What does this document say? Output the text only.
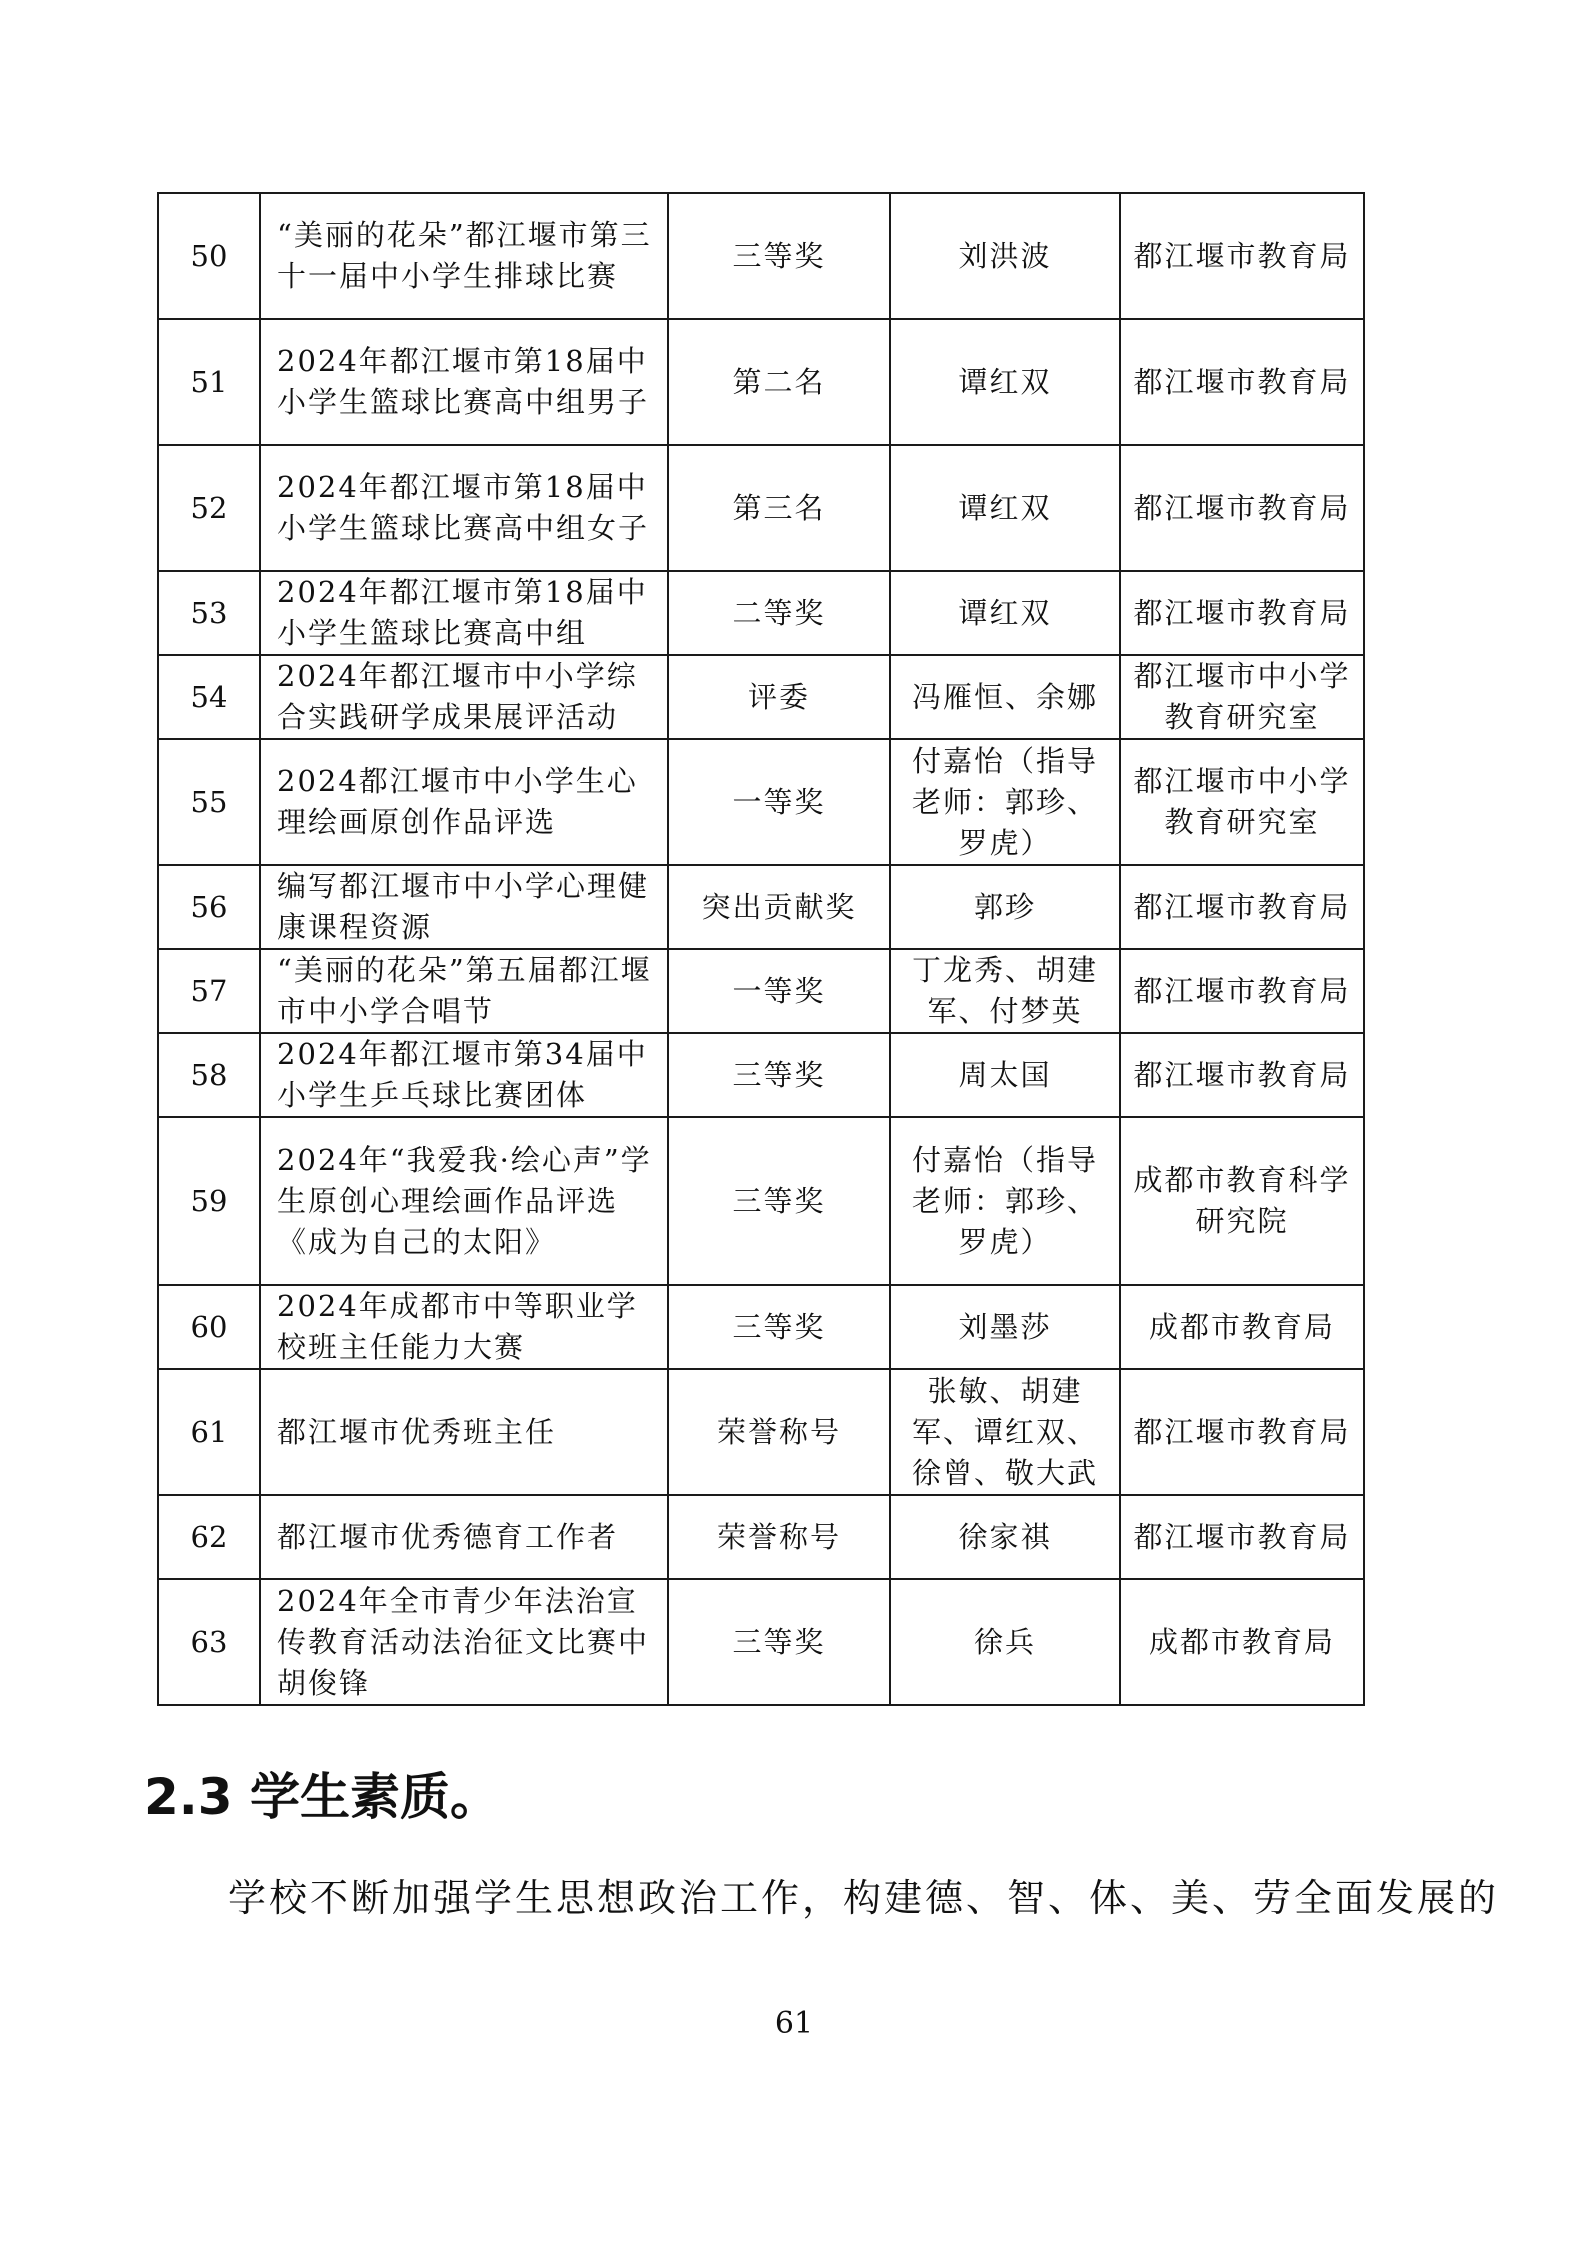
50	“美丽的花朵”都江堰市第三十一届中小学生排球比赛	三等奖	刘洪波	都江堰市教育局
51	2024年都江堰市第18届中小学生篮球比赛高中组男子	第二名	谭红双	都江堰市教育局
52	2024年都江堰市第18届中小学生篮球比赛高中组女子	第三名	谭红双	都江堰市教育局
53	2024年都江堰市第18届中小学生篮球比赛高中组	二等奖	谭红双	都江堰市教育局
54	2024年都江堰市中小学综合实践研学成果展评活动	评委	冯雁恒、余娜	都江堰市中小学教育研究室
55	2024都江堰市中小学生心理绘画原创作品评选	一等奖	付嘉怡（指导老师：郭珍、罗虎）	都江堰市中小学教育研究室
56	编写都江堰市中小学心理健康课程资源	突出贡献奖	郭珍	都江堰市教育局
57	“美丽的花朵”第五届都江堰市中小学合唱节	一等奖	丁龙秀、胡建军、付梦英	都江堰市教育局
58	2024年都江堰市第34届中小学生乒乓球比赛团体	三等奖	周太国	都江堰市教育局
59	2024年“我爱我·绘心声”学生原创心理绘画作品评选《成为自己的太阳》	三等奖	付嘉怡（指导老师：郭珍、罗虎）	成都市教育科学研究院
60	2024年成都市中等职业学校班主任能力大赛	三等奖	刘墨莎	成都市教育局
61	都江堰市优秀班主任	荣誉称号	张敏、胡建军、谭红双、徐曾、敬大武	都江堰市教育局
62	都江堰市优秀德育工作者	荣誉称号	徐家祺	都江堰市教育局
63	2024年全市青少年法治宣传教育活动法治征文比赛中胡俊锋	三等奖	徐兵	成都市教育局
2.3 学生素质。

学校不断加强学生思想政治工作，构建德、智、体、美、劳全面发展的

61
